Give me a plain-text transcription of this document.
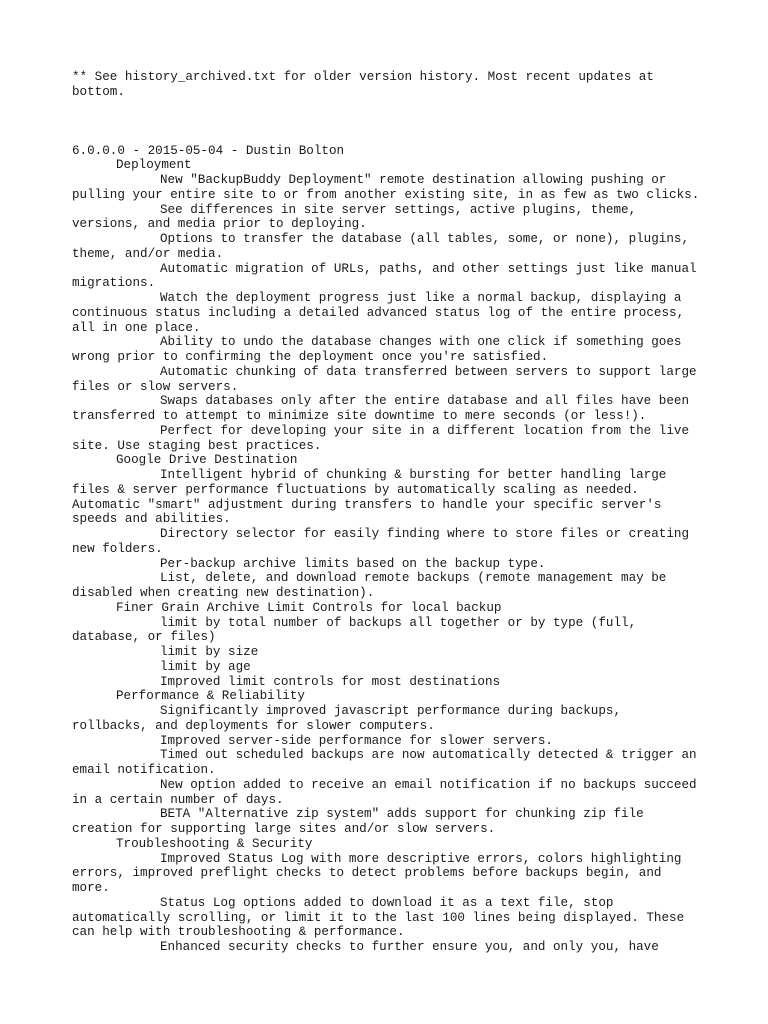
** See history_archived.txt for older version history. Most recent updates at bottom.
6.0.0.0 - 2015-05-04 - Dustin Bolton
Deployment
New "BackupBuddy Deployment" remote destination allowing pushing or pulling your entire site to or from another existing site, in as few as two clicks.
See differences in site server settings, active plugins, theme, versions, and media prior to deploying.
Options to transfer the database (all tables, some, or none), plugins, theme, and/or media.
Automatic migration of URLs, paths, and other settings just like manual migrations.
Watch the deployment progress just like a normal backup, displaying a continuous status including a detailed advanced status log of the entire process, all in one place.
Ability to undo the database changes with one click if something goes wrong prior to confirming the deployment once you're satisfied.
Automatic chunking of data transferred between servers to support large files or slow servers.
Swaps databases only after the entire database and all files have been transferred to attempt to minimize site downtime to mere seconds (or less!).
Perfect for developing your site in a different location from the live site. Use staging best practices.
Google Drive Destination
Intelligent hybrid of chunking & bursting for better handling large files & server performance fluctuations by automatically scaling as needed. Automatic "smart" adjustment during transfers to handle your specific server's speeds and abilities.
Directory selector for easily finding where to store files or creating new folders.
Per-backup archive limits based on the backup type.
List, delete, and download remote backups (remote management may be disabled when creating new destination).
Finer Grain Archive Limit Controls for local backup
limit by total number of backups all together or by type (full, database, or files)
limit by size
limit by age
Improved limit controls for most destinations
Performance & Reliability
Significantly improved javascript performance during backups, rollbacks, and deployments for slower computers.
Improved server-side performance for slower servers.
Timed out scheduled backups are now automatically detected & trigger an email notification.
New option added to receive an email notification if no backups succeed in a certain number of days.
BETA "Alternative zip system" adds support for chunking zip file creation for supporting large sites and/or slow servers.
Troubleshooting & Security
Improved Status Log with more descriptive errors, colors highlighting errors, improved preflight checks to detect problems before backups begin, and more.
Status Log options added to download it as a text file, stop automatically scrolling, or limit it to the last 100 lines being displayed. These can help with troubleshooting & performance.
Enhanced security checks to further ensure you, and only you, have
